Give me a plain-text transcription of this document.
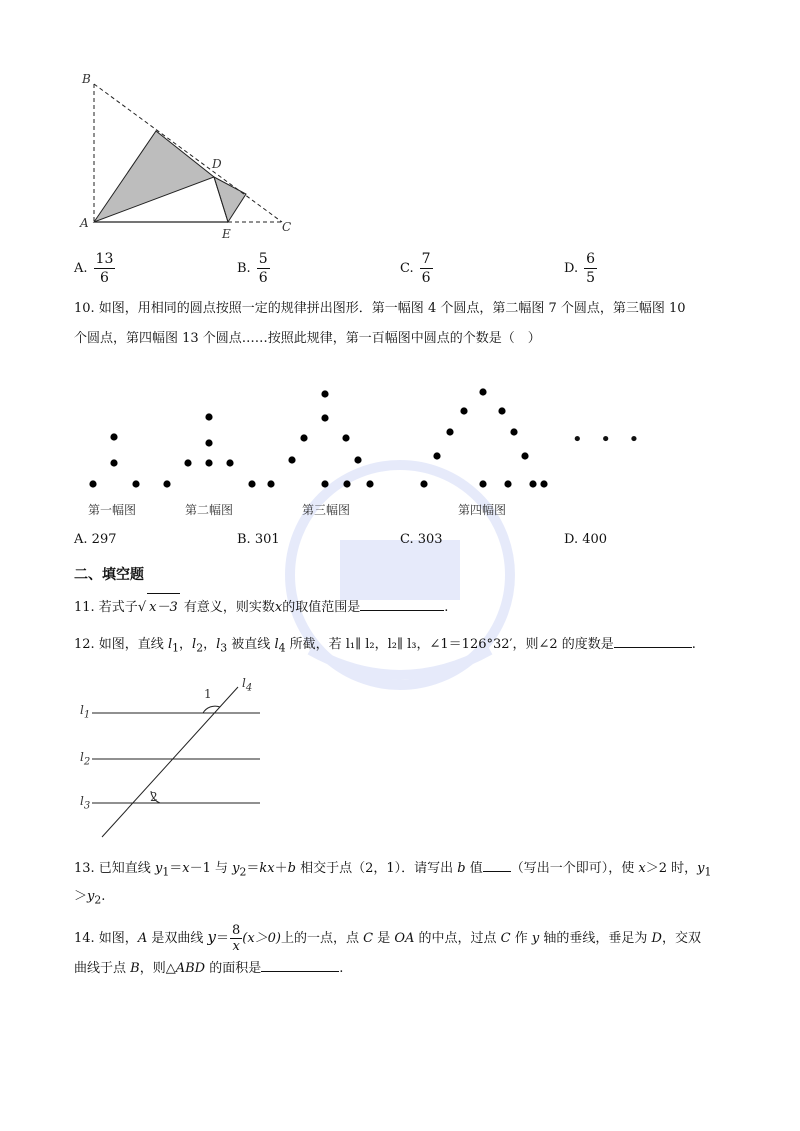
B
A
D
E	C
A. $\frac{13}{6}$	B. $\frac{5}{6}$	C. $\frac{7}{6}$	D. $\frac{6}{5}$
10. 如图，用相同的圆点按照一定的规律拼出图形．第一幅图 4 个圆点，第二幅图 7 个圆点，第三幅图 10
个圆点，第四幅图 13 个圆点……按照此规律，第一百幅图中圆点的个数是（　）
• • •
第一幅图	第二幅图	第三幅图	第四幅图
A. 297	B. 301	C. 303	D. 400
二、填空题
11. 若式子√ x－3 有意义，则实数x的取值范围是	.
12. 如图，直线 $l_1$，$l_2$，$l_3$ 被直线 $l_4$ 所截，若 l₁∥ l₂，l₂∥ l₃，∠1＝126°32′，则∠2 的度数是	.
1
2
$l_1$
$l_2$
$l_3$
$l_4$
13. 已知直线 $y_1=x-1$ 与 $y_2=kx+b$ 相交于点（2，1）．请写出 b 值 （写出一个即可），使 x＞2 时，$y_1$
$>y_2$.
14. 如图，A 是双曲线 $y= \frac{8}{x} (x>0)$上的一点，点 C 是 OA 的中点，过点 C 作 y 轴的垂线，垂足为 D，交双
曲线于点 B，则△ABD 的面积是	.
